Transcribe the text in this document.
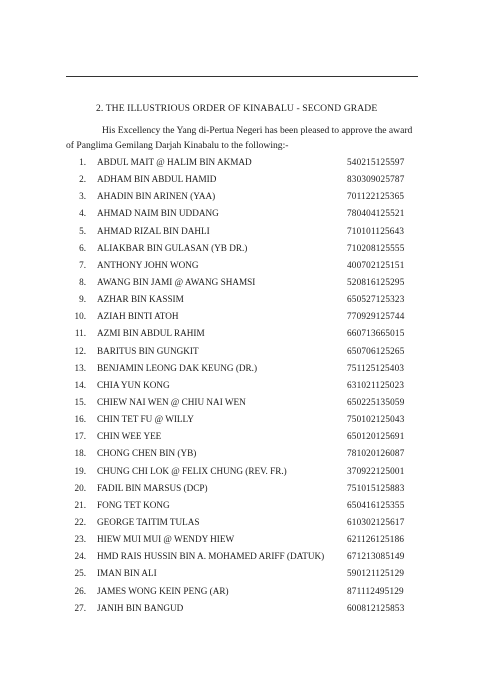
2. THE ILLUSTRIOUS ORDER OF KINABALU - SECOND GRADE
His Excellency the Yang di-Pertua Negeri has been pleased to approve the award
of Panglima Gemilang Darjah Kinabalu to the following:-
1. ABDUL MAIT @ HALIM BIN AKMAD	540215125597
2. ADHAM BIN ABDUL HAMID	830309025787
3. AHADIN BIN ARINEN (YAA)	701122125365
4. AHMAD NAIM BIN UDDANG	780404125521
5. AHMAD RIZAL BIN DAHLI	710101125643
6. ALIAKBAR BIN GULASAN (YB DR.)	710208125555
7. ANTHONY JOHN WONG	400702125151
8. AWANG BIN JAMI @ AWANG SHAMSI	520816125295
9. AZHAR BIN KASSIM	650527125323
10. AZIAH BINTI ATOH	770929125744
11. AZMI BIN ABDUL RAHIM	660713665015
12. BARITUS BIN GUNGKIT	650706125265
13. BENJAMIN LEONG DAK KEUNG (DR.)	751125125403
14. CHIA YUN KONG	631021125023
15. CHIEW NAI WEN @ CHIU NAI WEN	650225135059
16. CHIN TET FU @ WILLY	750102125043
17. CHIN WEE YEE	650120125691
18. CHONG CHEN BIN (YB)	781020126087
19. CHUNG CHI LOK @ FELIX CHUNG (REV. FR.)	370922125001
20. FADIL BIN MARSUS (DCP)	751015125883
21. FONG TET KONG	650416125355
22. GEORGE TAITIM TULAS	610302125617
23. HIEW MUI MUI @ WENDY HIEW	621126125186
24. HMD RAIS HUSSIN BIN A. MOHAMED ARIFF (DATUK) 671213085149
25. IMAN BIN ALI	590121125129
26. JAMES WONG KEIN PENG (AR)	871112495129
27. JANIH BIN BANGUD	600812125853
